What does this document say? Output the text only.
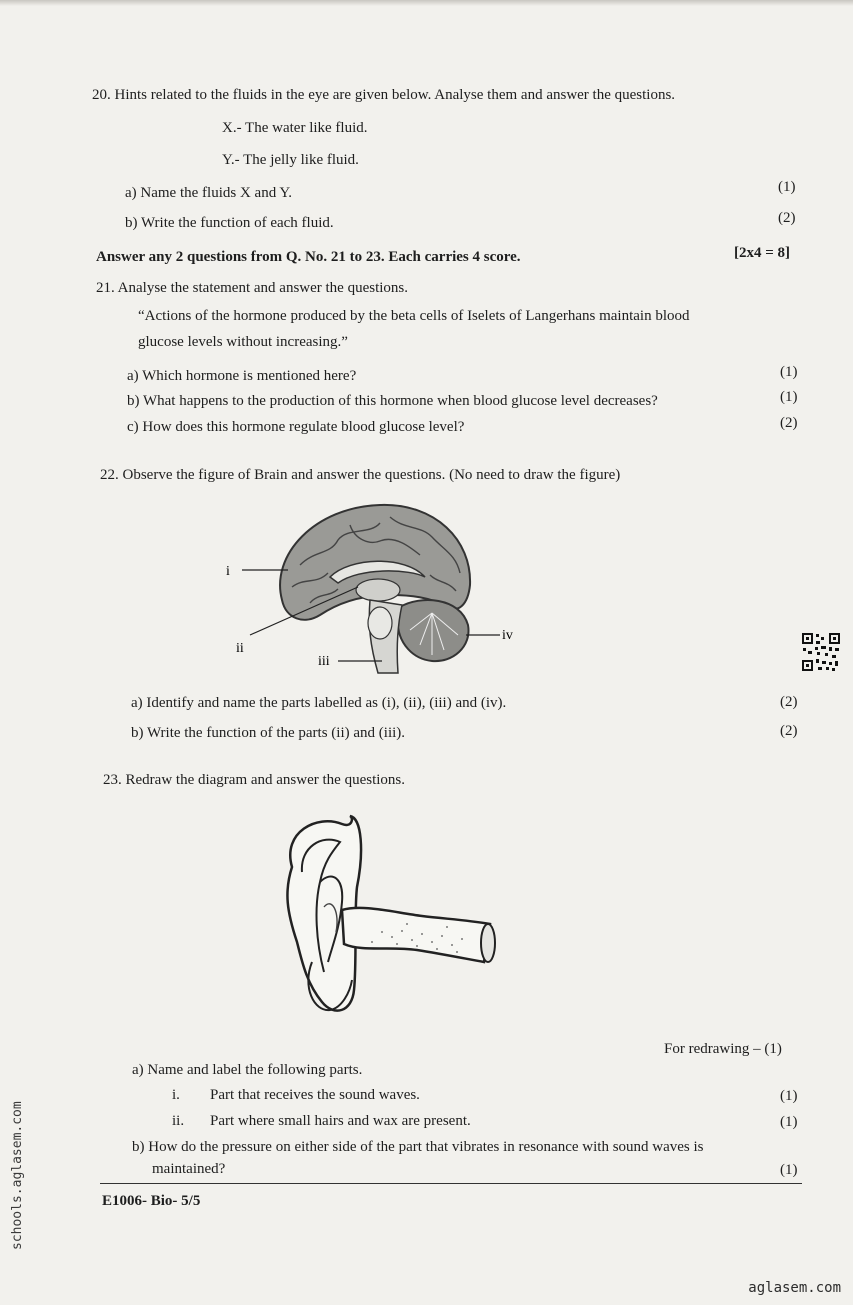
20. Hints related to the fluids in the eye are given below. Analyse them and answer the questions.
X.- The water like fluid.
Y.- The jelly like fluid.
a) Name the fluids X and Y.	(1)
b) Write the function of each fluid.	(2)
Answer any 2 questions from Q. No. 21 to 23. Each carries 4 score.	[2x4 = 8]
21. Analyse the statement and answer the questions.
“Actions of the hormone produced by the beta cells of Iselets of Langerhans maintain blood
glucose levels without increasing.”
a) Which hormone is mentioned here?	(1)
b) What happens to the production of this hormone when blood glucose level decreases?	(1)
c) How does this hormone regulate blood glucose level?	(2)
22. Observe the figure of Brain and answer the questions. (No need to draw the figure)
i
ii
iii
iv
a) Identify and name the parts labelled as (i), (ii), (iii) and (iv).	(2)
b) Write the function of the parts (ii) and (iii).	(2)
23. Redraw the diagram and answer the questions.
For redrawing – (1)
a) Name and label the following parts.
i. Part that receives the sound waves.	(1)
ii. Part where small hairs and wax are present.	(1)
b) How do the pressure on either side of the part that vibrates in resonance with sound waves is
maintained?	(1)
E1006- Bio- 5/5
schools.aglasem.com
aglasem.com
